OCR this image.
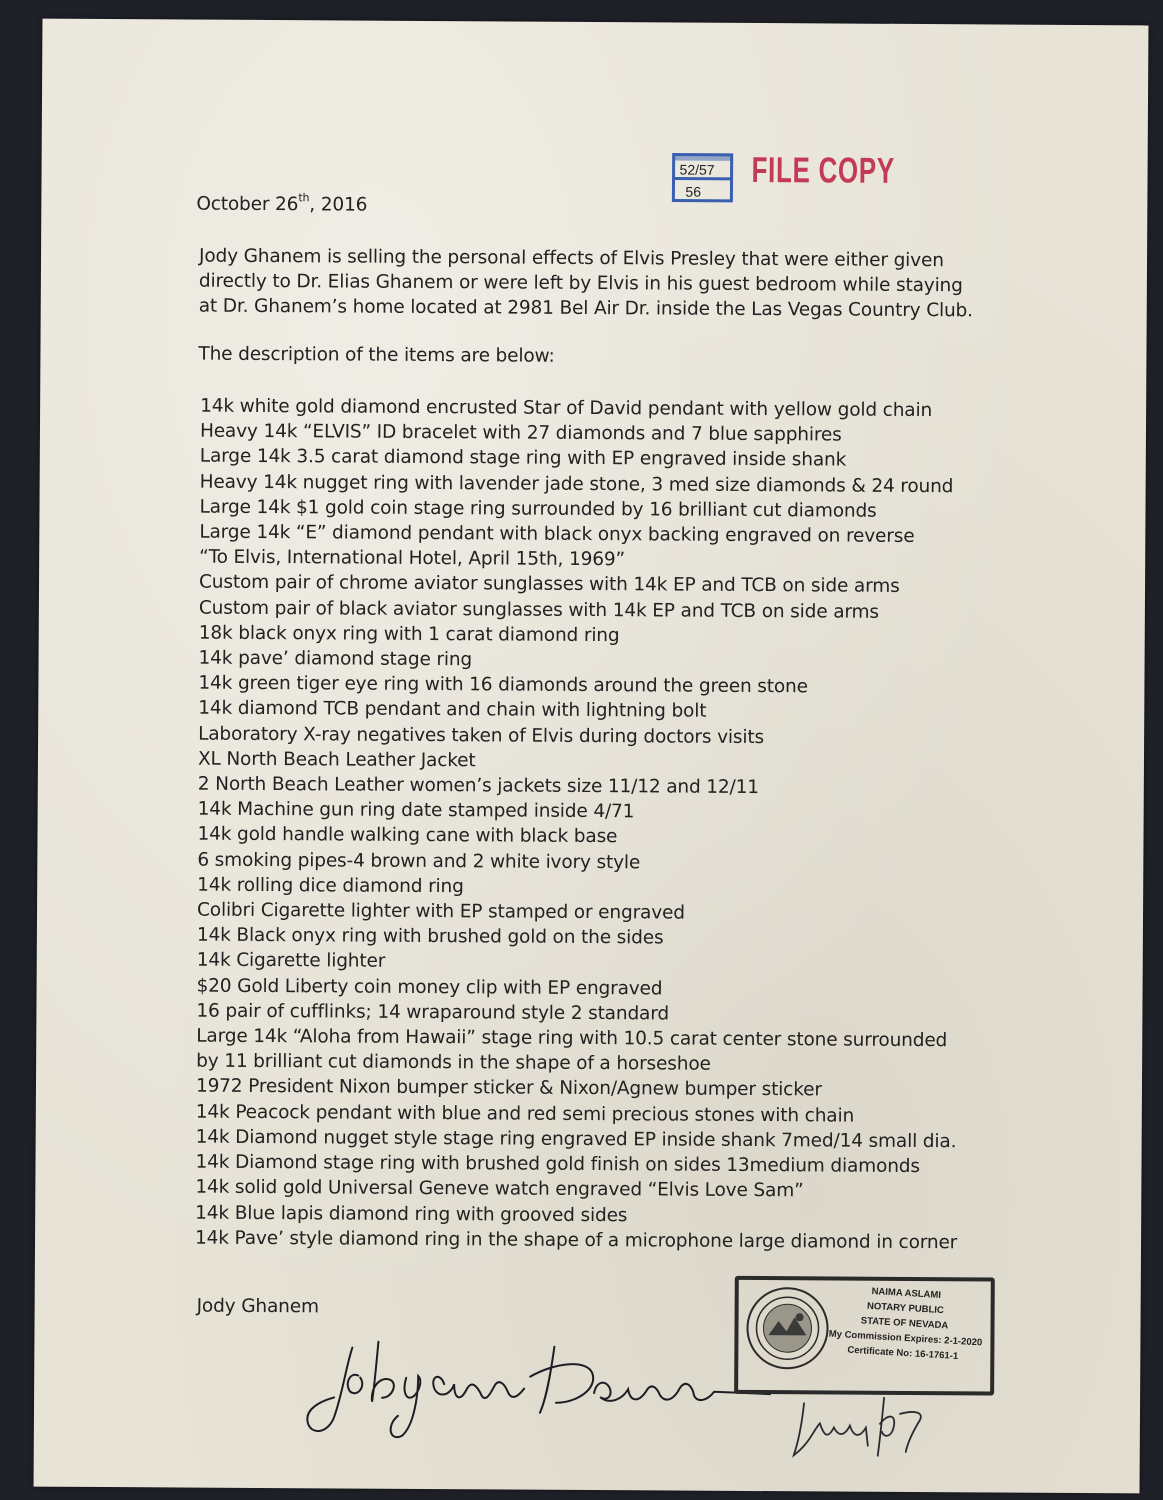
October 26th, 2016
52/57
56
FILE COPY
Jody Ghanem is selling the personal effects of Elvis Presley that were either given
directly to Dr. Elias Ghanem or were left by Elvis in his guest bedroom while staying
at Dr. Ghanem’s home located at 2981 Bel Air Dr. inside the Las Vegas Country Club.
The description of the items are below:
14k white gold diamond encrusted Star of David pendant with yellow gold chain
Heavy 14k “ELVIS” ID bracelet with 27 diamonds and 7 blue sapphires
Large 14k 3.5 carat diamond stage ring with EP engraved inside shank
Heavy 14k nugget ring with lavender jade stone, 3 med size diamonds & 24 round
Large 14k $1 gold coin stage ring surrounded by 16 brilliant cut diamonds
Large 14k “E” diamond pendant with black onyx backing engraved on reverse
“To Elvis, International Hotel, April 15th, 1969”
Custom pair of chrome aviator sunglasses with 14k EP and TCB on side arms
Custom pair of black aviator sunglasses with 14k EP and TCB on side arms
18k black onyx ring with 1 carat diamond ring
14k pave’ diamond stage ring
14k green tiger eye ring with 16 diamonds around the green stone
14k diamond TCB pendant and chain with lightning bolt
Laboratory X-ray negatives taken of Elvis during doctors visits
XL North Beach Leather Jacket
2 North Beach Leather women’s jackets size 11/12 and 12/11
14k Machine gun ring date stamped inside 4/71
14k gold handle walking cane with black base
6 smoking pipes-4 brown and 2 white ivory style
14k rolling dice diamond ring
Colibri Cigarette lighter with EP stamped or engraved
14k Black onyx ring with brushed gold on the sides
14k Cigarette lighter
$20 Gold Liberty coin money clip with EP engraved
16 pair of cufflinks; 14 wraparound style 2 standard
Large 14k “Aloha from Hawaii” stage ring with 10.5 carat center stone surrounded
by 11 brilliant cut diamonds in the shape of a horseshoe
1972 President Nixon bumper sticker & Nixon/Agnew bumper sticker
14k Peacock pendant with blue and red semi precious stones with chain
14k Diamond nugget style stage ring engraved EP inside shank 7med/14 small dia.
14k Diamond stage ring with brushed gold finish on sides 13medium diamonds
14k solid gold Universal Geneve watch engraved “Elvis Love Sam”
14k Blue lapis diamond ring with grooved sides
14k Pave’ style diamond ring in the shape of a microphone large diamond in corner
Jody Ghanem
NAIMA ASLAMI
NOTARY PUBLIC
STATE OF NEVADA
My Commission Expires: 2-1-2020
Certificate No: 16-1761-1
